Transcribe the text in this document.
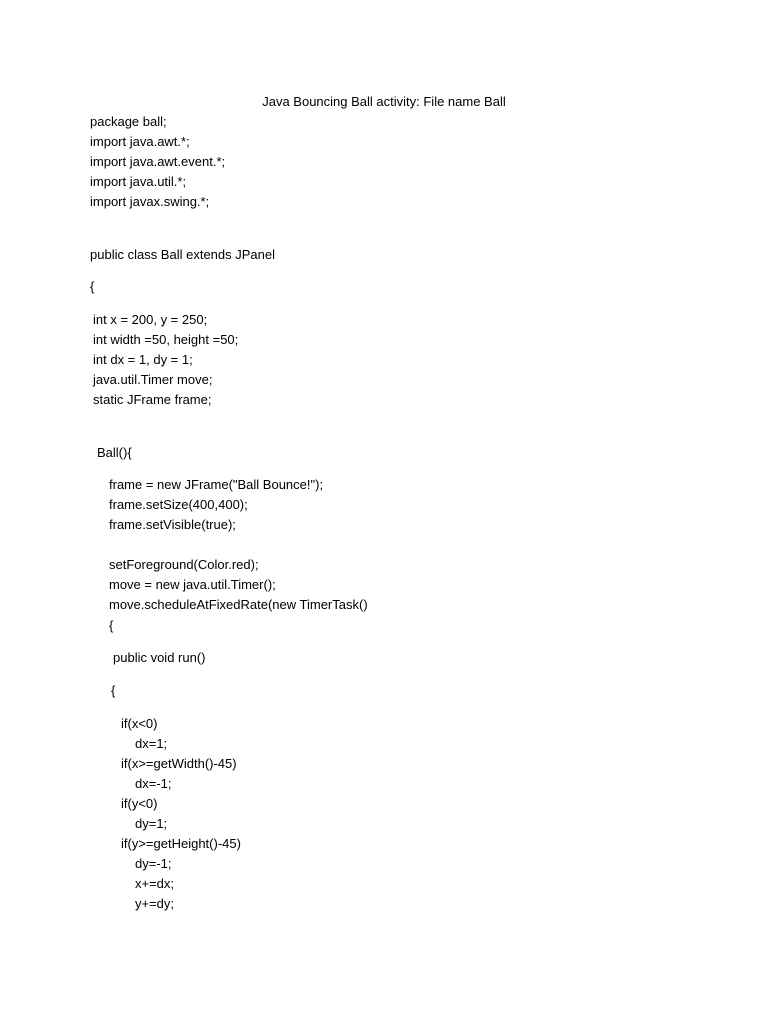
Java Bouncing Ball activity: File name Ball
package ball;
import java.awt.*;
import java.awt.event.*;
import java.util.*;
import javax.swing.*;
public class Ball extends JPanel
{
int x = 200, y = 250;
int width =50, height =50;
int dx = 1, dy = 1;
java.util.Timer move;
static JFrame frame;
Ball(){
frame = new JFrame("Ball Bounce!");
frame.setSize(400,400);
frame.setVisible(true);
setForeground(Color.red);
move = new java.util.Timer();
move.scheduleAtFixedRate(new TimerTask()
{
public void run()
{
if(x<0)
dx=1;
if(x>=getWidth()-45)
dx=-1;
if(y<0)
dy=1;
if(y>=getHeight()-45)
dy=-1;
x+=dx;
y+=dy;
